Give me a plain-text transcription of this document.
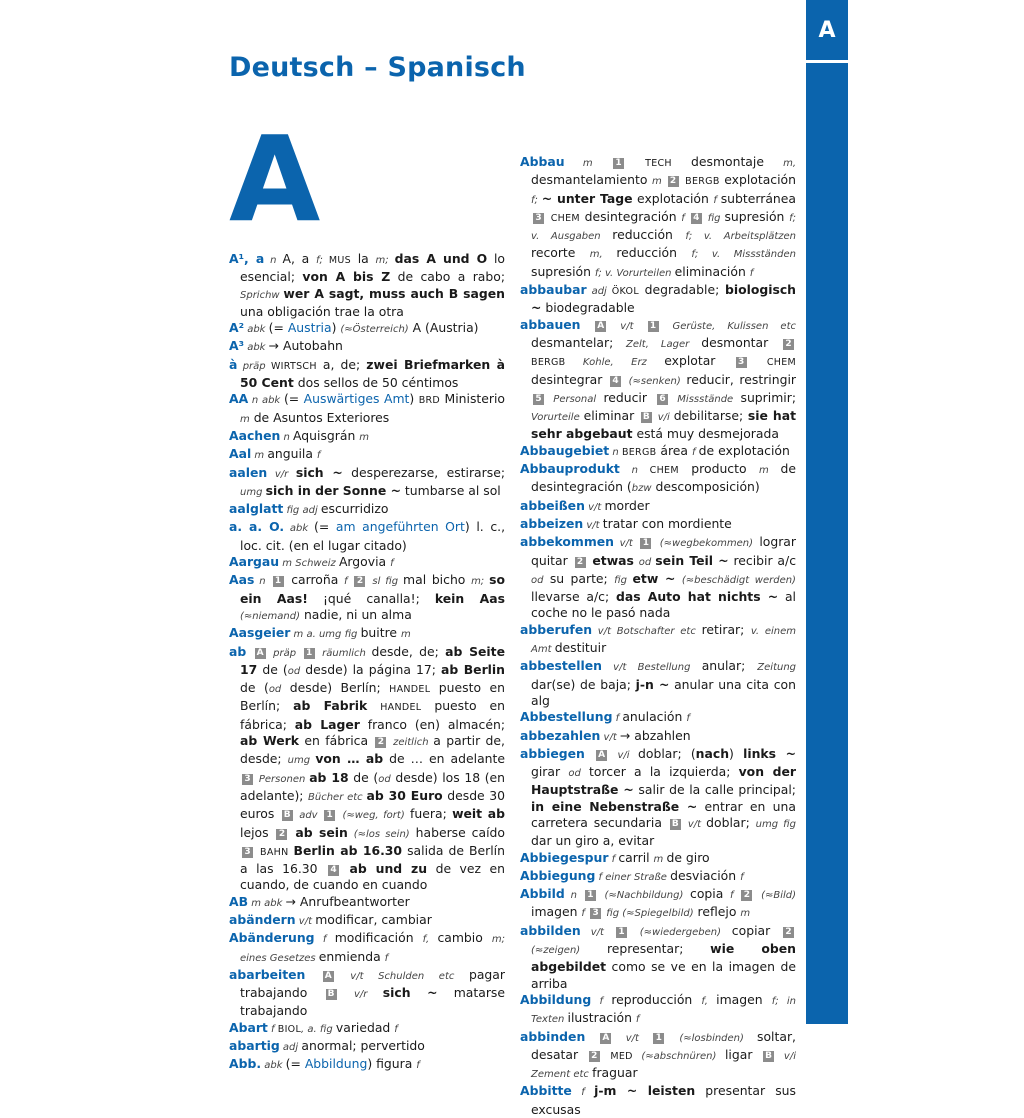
A
Deutsch – Spanisch
A

A¹, a n A, a f; MUS la m; das A und O lo esencial; von A bis Z de cabo a rabo; Sprichw wer A sagt, muss auch B sagen una obligación trae la otra

A² abk (= Austria) (≈Österreich) A (Austria)

A³ abk → Autobahn

à präp WIRTSCH a, de; zwei Briefmarken à 50 Cent dos sellos de 50 céntimos

AA n abk (= Auswärtiges Amt) BRD Ministerio m de Asuntos Exteriores

Aachen n Aquisgrán m

Aal m anguila f

aalen v/r sich ~ desperezarse, estirarse; umg sich in der Sonne ~ tumbarse al sol

aalglatt fig adj escurridizo

a. a. O. abk (= am angeführten Ort) l. c., loc. cit. (en el lugar citado)

Aargau m Schweiz Argovia f

Aas n 1 carroña f 2 sl fig mal bicho m; so ein Aas! ¡qué canalla!; kein Aas (≈niemand) nadie, ni un alma

Aasgeier m a. umg fig buitre m

ab A präp 1 räumlich desde, de; ab Seite 17 de (od desde) la página 17; ab Berlin de (od desde) Berlín; HANDEL puesto en Berlín; ab Fabrik HANDEL puesto en fábrica; ab Lager franco (en) almacén; ab Werk en fábrica 2 zeitlich a partir de, desde; umg von … ab de … en adelante 3 Personen ab 18 de (od desde) los 18 (en adelante); Bücher etc ab 30 Euro desde 30 euros B adv 1 (≈weg, fort) fuera; weit ab lejos 2 ab sein (≈los sein) haberse caído 3 BAHN Berlin ab 16.30 salida de Berlín a las 16.30 4 ab und zu de vez en cuando, de cuando en cuando

AB m abk → Anrufbeantworter

abändern v/t modificar, cambiar

Abänderung f modificación f, cambio m; eines Gesetzes enmienda f

abarbeiten A v/t Schulden etc pagar trabajando B v/r sich ~ matarse trabajando

Abart f BIOL, a. fig variedad f

abartig adj anormal; pervertido

Abb. abk (= Abbildung) figura f

Abbau m 1 TECH desmontaje m, desmantelamiento m 2 BERGB explotación f; ~ unter Tage explotación f subterránea 3 CHEM desintegración f 4 fig supresión f; v. Ausgaben reducción f; v. Arbeitsplätzen recorte m, reducción f; v. Missständen supresión f; v. Vorurteilen eliminación f

abbaubar adj ÖKOL degradable; biologisch ~ biodegradable

abbauen A v/t 1 Gerüste, Kulissen etc desmantelar; Zelt, Lager desmontar 2 BERGB Kohle, Erz explotar 3 CHEM desintegrar 4 (≈senken) reducir, restringir 5 Personal reducir 6 Missstände suprimir; Vorurteile eliminar B v/i debilitarse; sie hat sehr abgebaut está muy desmejorada

Abbaugebiet n BERGB área f de explotación

Abbauprodukt n CHEM producto m de desintegración (bzw descomposición)

abbeißen v/t morder

abbeizen v/t tratar con mordiente

abbekommen v/t 1 (≈wegbekommen) lograr quitar 2 etwas od sein Teil ~ recibir a/c od su parte; fig etw ~ (≈beschädigt werden) llevarse a/c; das Auto hat nichts ~ al coche no le pasó nada

abberufen v/t Botschafter etc retirar; v. einem Amt destituir

abbestellen v/t Bestellung anular; Zeitung dar(se) de baja; j-n ~ anular una cita con alg

Abbestellung f anulación f

abbezahlen v/t → abzahlen

abbiegen A v/i doblar; (nach) links ~ girar od torcer a la izquierda; von der Hauptstraße ~ salir de la calle principal; in eine Nebenstraße ~ entrar en una carretera secundaria B v/t doblar; umg fig dar un giro a, evitar

Abbiegespur f carril m de giro

Abbiegung f einer Straße desviación f

Abbild n 1 (≈Nachbildung) copia f 2 (≈Bild) imagen f 3 fig (≈Spiegelbild) reflejo m

abbilden v/t 1 (≈wiedergeben) copiar 2 (≈zeigen) representar; wie oben abgebildet como se ve en la imagen de arriba

Abbildung f reproducción f, imagen f; in Texten ilustración f

abbinden A v/t 1 (≈losbinden) soltar, desatar 2 MED (≈abschnüren) ligar B v/i Zement etc fraguar

Abbitte f j-m ~ leisten presentar sus excusas
